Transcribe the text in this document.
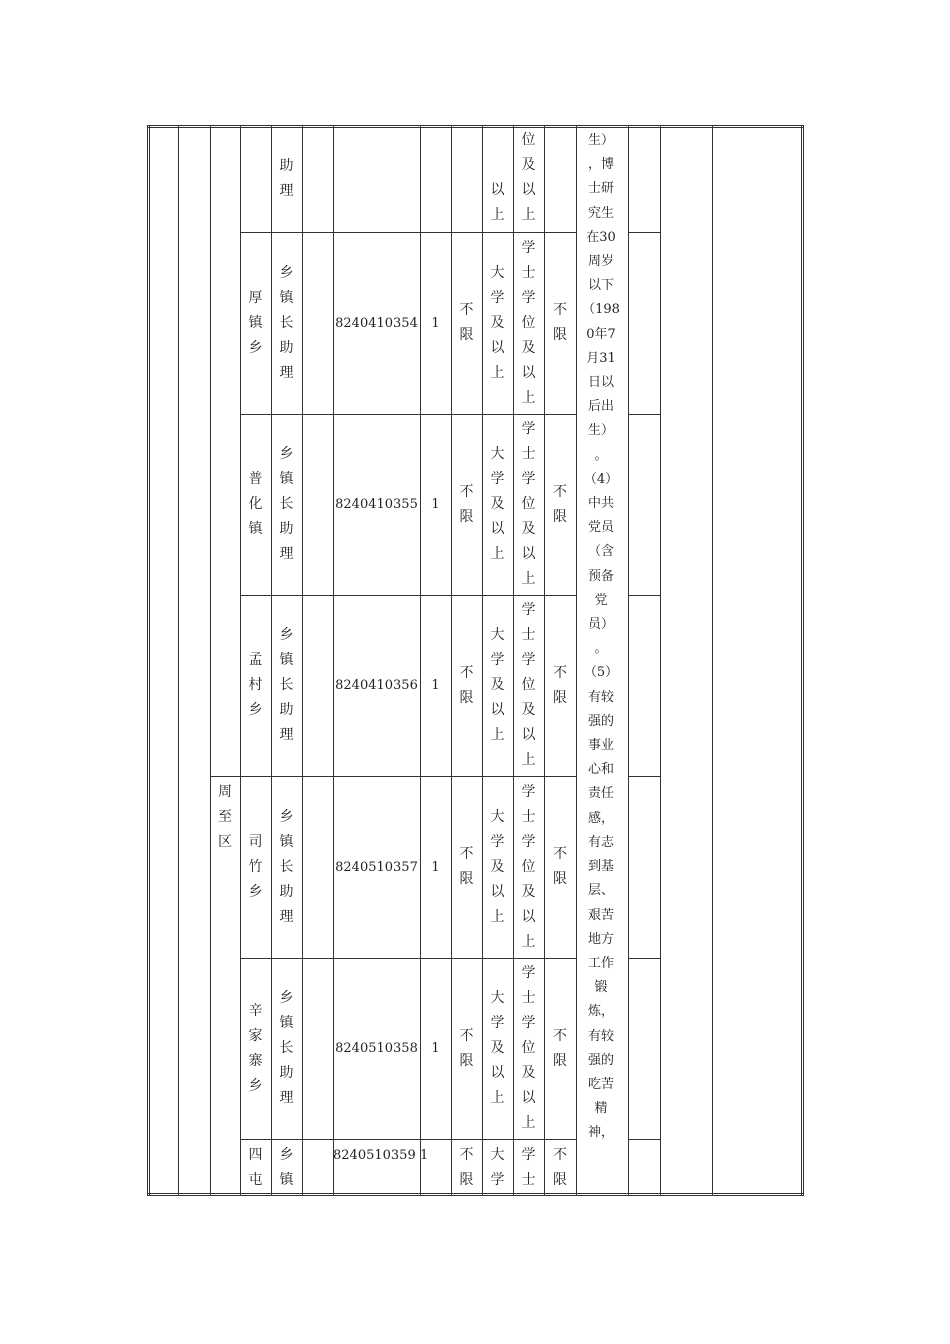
助
理	以
上
位
及
以
上
周
至
区
厚
镇
乡
乡
镇
长
助
理
8240410354 1
不
限
大
学
及
以
上
学
士
学
位
及
以
上
不
限
普
化
镇
乡
镇
长
助
理
8240410355 1
不
限
大
学
及
以
上
学
士
学
位
及
以
上
不
限
孟
村
乡
乡
镇
长
助
理
8240410356 1
不
限
大
学
及
以
上
学
士
学
位
及
以
上
不
限
司
竹
乡
乡
镇
长
助
理
8240510357 1
不
限
大
学
及
以
上
学
士
学
位
及
以
上
不
限
辛
家
寨
乡
乡
镇
长
助
理
8240510358 1
不
限
大
学
及
以
上
学
士
学
位
及
以
上
不
限
四
屯
乡
镇
8240510359 1	不
限
大
学
学
士
不
限
生）
，博
士研
究生
在30
周岁
以下
（198
0年7
月31
日以
后出
生）
。
（4）
中共
党员
（含
预备
党
员）
。
（5）
有较
强的
事业
心和
责任
感，
有志
到基
层、
艰苦
地方
工作
锻
炼，
有较
强的
吃苦
精
神，
